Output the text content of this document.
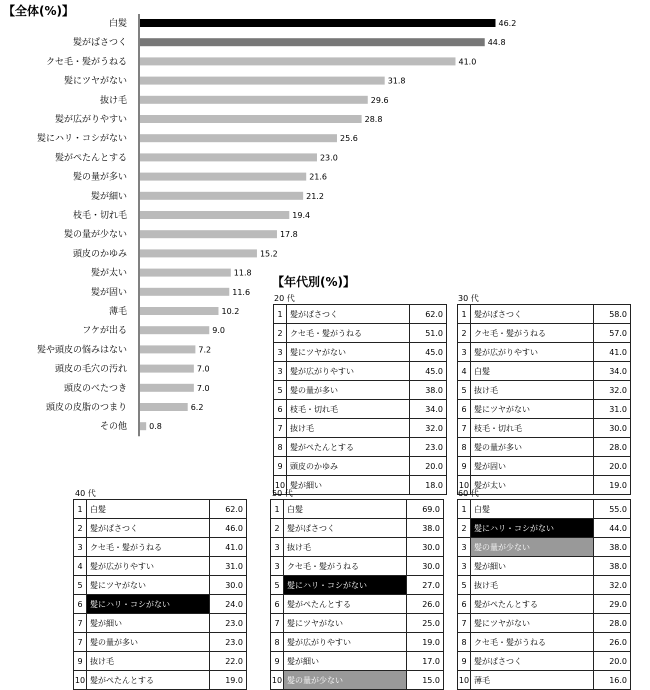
【全体(%)】
白髪	46.2
髪がぱさつく	44.8
クセ毛・髪がうねる	41.0
髪にツヤがない	31.8
抜け毛	29.6
髪が広がりやすい	28.8
髪にハリ・コシがない	25.6
髪がぺたんとする	23.0
髪の量が多い	21.6
髪が細い	21.2
枝毛・切れ毛	19.4
髪の量が少ない	17.8
頭皮のかゆみ	15.2
髪が太い	11.8
髪が固い	11.6
薄毛	10.2
フケが出る	9.0
髪や頭皮の悩みはない	7.2
頭皮の毛穴の汚れ	7.0
頭皮のべたつき	7.0
頭皮の皮脂のつまり	6.2
その他	0.8
【年代別(%)】
20 代
1	髪がぱさつく	62.0
2	クセ毛・髪がうねる	51.0
3	髪にツヤがない	45.0
3	髪が広がりやすい	45.0
5	髪の量が多い	38.0
6	枝毛・切れ毛	34.0
7	抜け毛	32.0
8	髪がぺたんとする	23.0
9	頭皮のかゆみ	20.0
10	髪が細い	18.0
30 代
1	髪がぱさつく	58.0
2	クセ毛・髪がうねる	57.0
3	髪が広がりやすい	41.0
4	白髪	34.0
5	抜け毛	32.0
6	髪にツヤがない	31.0
7	枝毛・切れ毛	30.0
8	髪の量が多い	28.0
9	髪が固い	20.0
10	髪が太い	19.0
40 代
1	白髪	62.0
2	髪がぱさつく	46.0
3	クセ毛・髪がうねる	41.0
4	髪が広がりやすい	31.0
5	髪にツヤがない	30.0
6	髪にハリ・コシがない	24.0
7	髪が細い	23.0
7	髪の量が多い	23.0
9	抜け毛	22.0
10	髪がぺたんとする	19.0
50 代
1	白髪	69.0
2	髪がぱさつく	38.0
3	抜け毛	30.0
3	クセ毛・髪がうねる	30.0
5	髪にハリ・コシがない	27.0
6	髪がぺたんとする	26.0
7	髪にツヤがない	25.0
8	髪が広がりやすい	19.0
9	髪が細い	17.0
10	髪の量が少ない	15.0
60 代
1	白髪	55.0
2	髪にハリ・コシがない	44.0
3	髪の量が少ない	38.0
3	髪が細い	38.0
5	抜け毛	32.0
6	髪がぺたんとする	29.0
7	髪にツヤがない	28.0
8	クセ毛・髪がうねる	26.0
9	髪がぱさつく	20.0
10	薄毛	16.0
